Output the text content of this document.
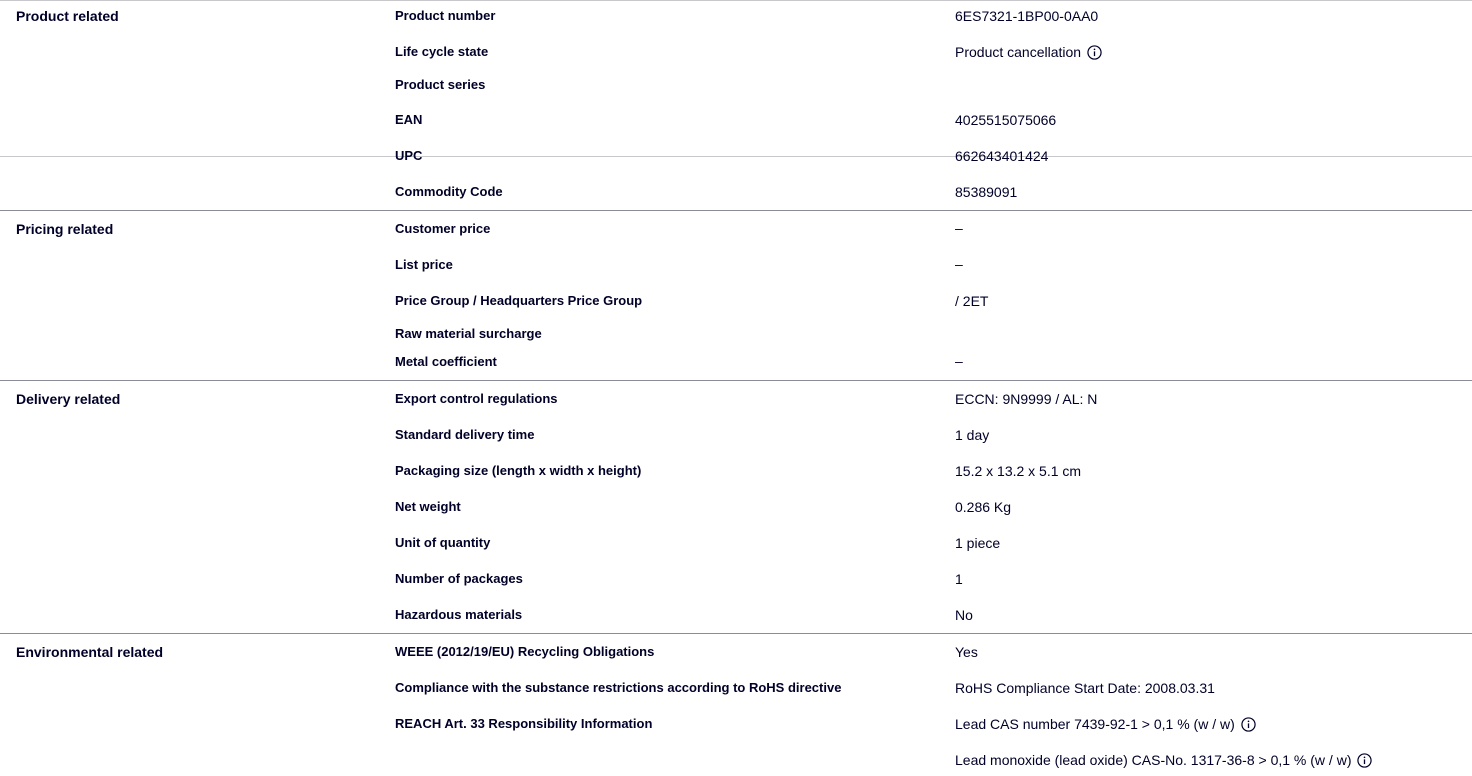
Product related	Product number	6ES7321-1BP00-0AA0
Life cycle state	Product cancellation
Product series
EAN	4025515075066
UPC	662643401424
Commodity Code	85389091
Pricing related	Customer price	–
List price	–
Price Group / Headquarters Price Group	/ 2ET
Raw material surcharge
Metal coefficient	–
Delivery related	Export control regulations	ECCN: 9N9999 / AL: N
Standard delivery time	1 day
Packaging size (length x width x height)	15.2 x 13.2 x 5.1 cm
Net weight	0.286 Kg
Unit of quantity	1 piece
Number of packages	1
Hazardous materials	No
Environmental related	WEEE (2012/19/EU) Recycling Obligations	Yes
Compliance with the substance restrictions according to RoHS directive	RoHS Compliance Start Date: 2008.03.31
REACH Art. 33 Responsibility Information	Lead CAS number 7439-92-1 > 0,1 % (w / w)
Lead monoxide (lead oxide) CAS-No. 1317-36-8 > 0,1 % (w / w)
